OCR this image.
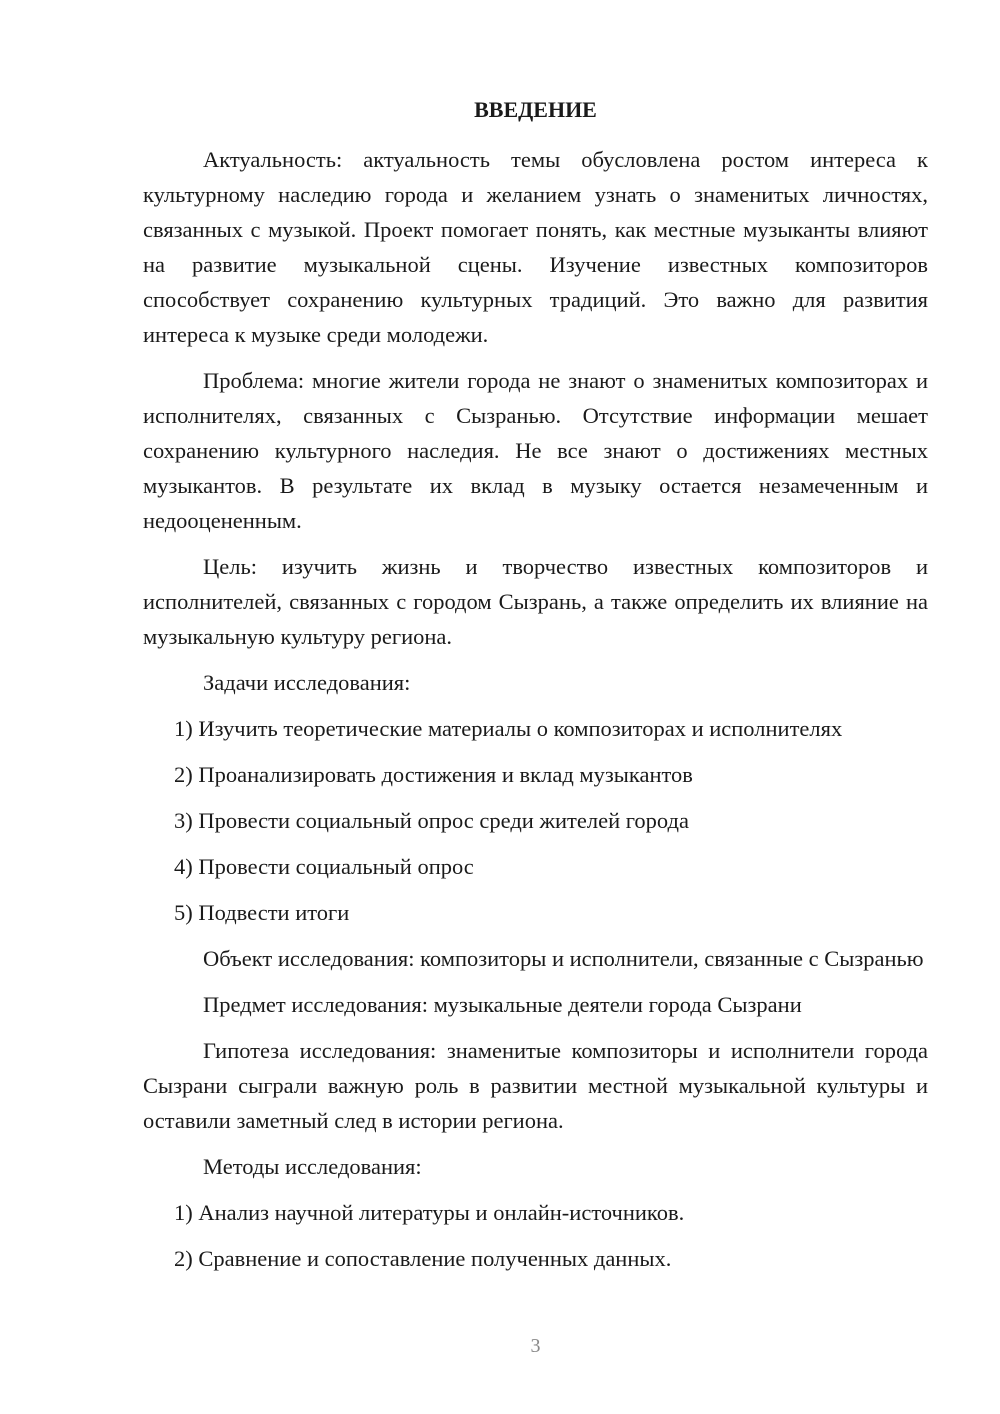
ВВЕДЕНИЕ

Актуальность: актуальность темы обусловлена ростом интереса к культурному наследию города и желанием узнать о знаменитых личностях, связанных с музыкой. Проект помогает понять, как местные музыканты влияют на развитие музыкальной сцены. Изучение известных композиторов способствует сохранению культурных традиций. Это важно для развития интереса к музыке среди молодежи.

Проблема: многие жители города не знают о знаменитых композиторах и исполнителях, связанных с Сызранью. Отсутствие информации мешает сохранению культурного наследия. Не все знают о достижениях местных музыкантов. В результате их вклад в музыку остается незамеченным и недооцененным.

Цель: изучить жизнь и творчество известных композиторов и исполнителей, связанных с городом Сызрань, а также определить их влияние на музыкальную культуру региона.

Задачи исследования:

1) Изучить теоретические материалы о композиторах и исполнителях

2) Проанализировать достижения и вклад музыкантов

3) Провести социальный опрос среди жителей города

4) Провести социальный опрос

5) Подвести итоги

Объект исследования: композиторы и исполнители, связанные с Сызранью

Предмет исследования: музыкальные деятели города Сызрани

Гипотеза исследования: знаменитые композиторы и исполнители города Сызрани сыграли важную роль в развитии местной музыкальной культуры и оставили заметный след в истории региона.

Методы исследования:

1) Анализ научной литературы и онлайн-источников.

2) Сравнение и сопоставление полученных данных.

3
